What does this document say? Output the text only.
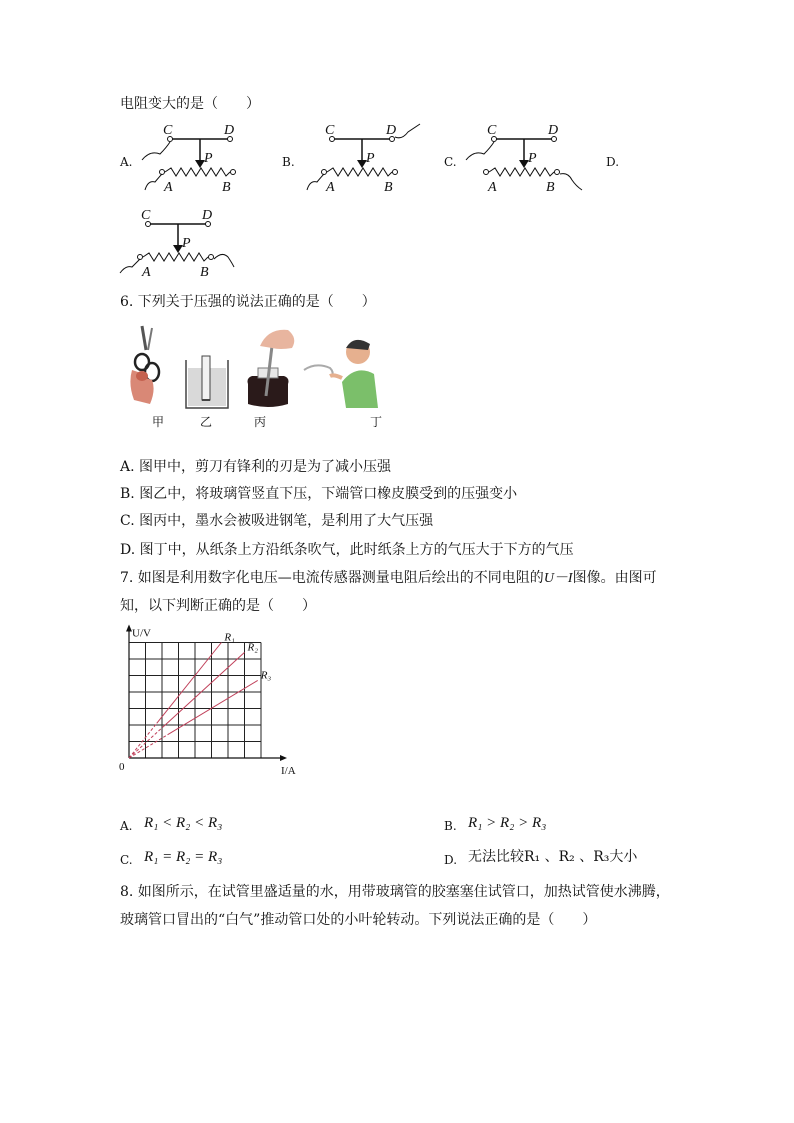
电阻变大的是（　　）
A.	B.	C.	D.
C	D
P
A	B
C	D
P
A	B
C	D
P
A	B
C	D
P
A	B
6. 下列关于压强的说法正确的是（　　）
甲	乙	丙	丁
A. 图甲中，剪刀有锋利的刃是为了减小压强
B. 图乙中，将玻璃管竖直下压，下端管口橡皮膜受到的压强变小
C. 图丙中，墨水会被吸进钢笔，是利用了大气压强
D. 图丁中，从纸条上方沿纸条吹气，此时纸条上方的气压大于下方的气压
7. 如图是利用数字化电压—电流传感器测量电阻后绘出的不同电阻的U－I图像。由图可
知，以下判断正确的是（　　）
R₁
R₂
R₃
U/V
I/A
0
A. R₁ < R₂ < R₃	B. R₁ > R₂ > R₃
C. R₁ = R₂ = R₃	D. 无法比较R₁ 、R₂ 、R₃大小
8. 如图所示，在试管里盛适量的水，用带玻璃管的胶塞塞住试管口，加热试管使水沸腾，
玻璃管口冒出的“白气”推动管口处的小叶轮转动。下列说法正确的是（　　）
